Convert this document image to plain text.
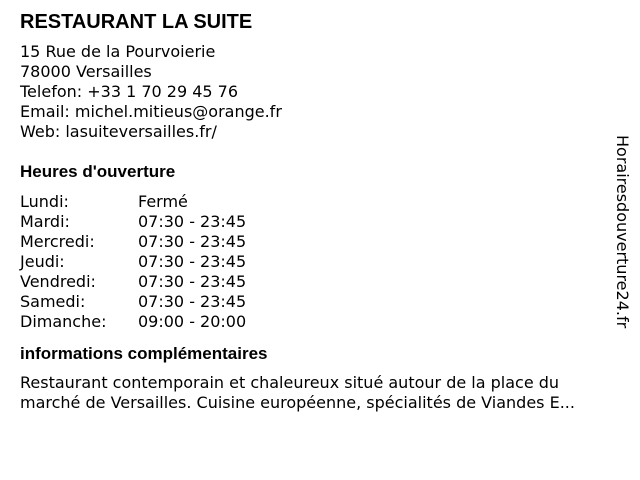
RESTAURANT LA SUITE
15 Rue de la Pourvoierie
78000 Versailles
Telefon: +33 1 70 29 45 76
Email: michel.mitieus@orange.fr
Web: lasuiteversailles.fr/
Heures d'ouverture
Lundi:	Fermé
Mardi:	07:30 - 23:45
Mercredi:	07:30 - 23:45
Jeudi:	07:30 - 23:45
Vendredi:	07:30 - 23:45
Samedi:	07:30 - 23:45
Dimanche:	09:00 - 20:00
informations complémentaires
Restaurant contemporain et chaleureux situé autour de la place du
marché de Versailles. Cuisine européenne, spécialités de Viandes E...
Horairesdouverture24.fr
